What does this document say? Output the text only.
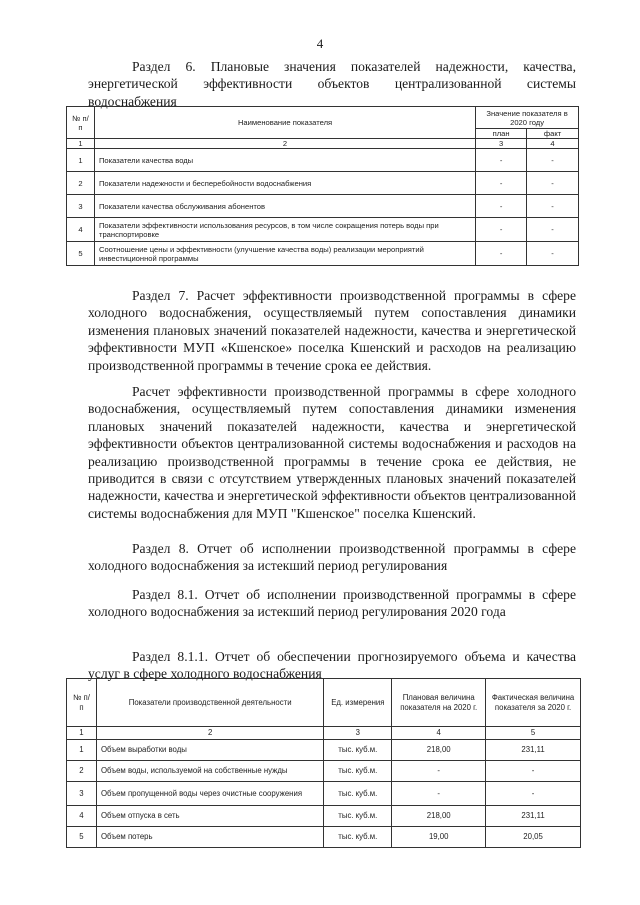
4
Раздел 6. Плановые значения показателей надежности, качества, энергетической эффективности объектов централизованной системы водоснабжения
№ п/п	Наименование показателя	Значение показателя в 2020 году	
		план	факт
1	2	3	4
1	Показатели качества воды	-	-
2	Показатели надежности и бесперебойности водоснабжения	-	-
3	Показатели качества обслуживания абонентов	-	-
4	Показатели эффективности использования ресурсов, в том числе сокращения потерь воды при транспортировке	-	-
5	Соотношение цены и эффективности (улучшение качества воды) реализации мероприятий инвестиционной программы	-	-
Раздел 7. Расчет эффективности производственной программы в сфере холодного водоснабжения, осуществляемый путем сопоставления динамики изменения плановых значений показателей надежности, качества и энергетической эффективности МУП «Кшенское» поселка Кшенский и расходов на реализацию производственной программы в течение срока ее действия.
Расчет эффективности производственной программы в сфере холодного водоснабжения, осуществляемый путем сопоставления динамики изменения плановых значений показателей надежности, качества и энергетической эффективности объектов централизованной системы водоснабжения и расходов на реализацию производственной программы в течение срока ее действия, не приводится в связи с отсутствием утвержденных плановых значений показателей надежности, качества и энергетической эффективности объектов централизованной системы водоснабжения для МУП "Кшенское" поселка Кшенский.
Раздел 8. Отчет об исполнении производственной программы в сфере холодного водоснабжения за истекший период регулирования
Раздел 8.1. Отчет об исполнении производственной программы в сфере холодного водоснабжения за истекший период регулирования 2020 года
Раздел 8.1.1. Отчет об обеспечении прогнозируемого объема и качества услуг в сфере холодного водоснабжения
№ п/п	Показатели производственной деятельности	Ед. измерения	Плановая величина показателя на 2020 г.	Фактическая величина показателя за 2020 г.
1	2	3	4	5
1	Объем выработки воды	тыс. куб.м.	218,00	231,11
2	Объем воды, используемой на собственные нужды	тыс. куб.м.	-	-
3	Объем пропущенной воды через очистные сооружения	тыс. куб.м.	-	-
4	Объем отпуска в сеть	тыс. куб.м.	218,00	231,11
5	Объем потерь	тыс. куб.м.	19,00	20,05
